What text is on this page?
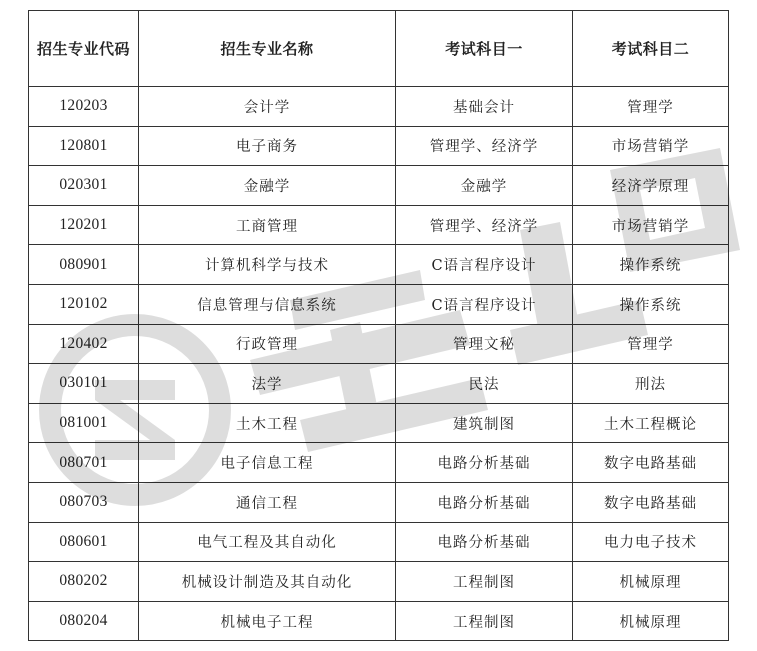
招生专业代码	招生专业名称	考试科目一	考试科目二
120203	会计学	基础会计	管理学
120801	电子商务	管理学、经济学	市场营销学
020301	金融学	金融学	经济学原理
120201	工商管理	管理学、经济学	市场营销学
080901	计算机科学与技术	C语言程序设计	操作系统
120102	信息管理与信息系统	C语言程序设计	操作系统
120402	行政管理	管理文秘	管理学
030101	法学	民法	刑法
081001	土木工程	建筑制图	土木工程概论
080701	电子信息工程	电路分析基础	数字电路基础
080703	通信工程	电路分析基础	数字电路基础
080601	电气工程及其自动化	电路分析基础	电力电子技术
080202	机械设计制造及其自动化	工程制图	机械原理
080204	机械电子工程	工程制图	机械原理
